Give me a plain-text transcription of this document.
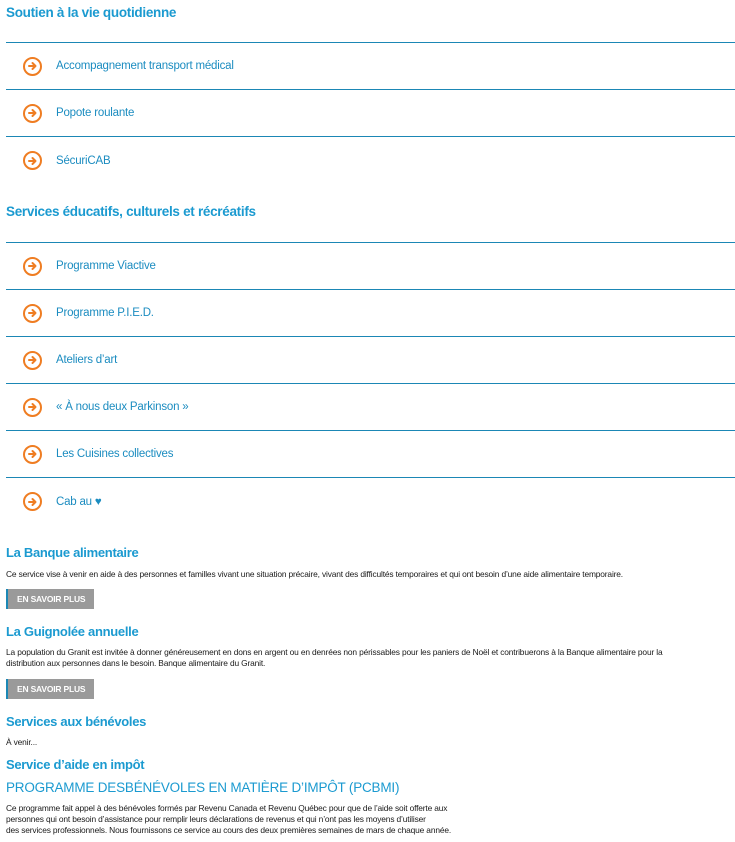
Soutien à la vie quotidienne
Accompagnement transport médical
Popote roulante
SécuriCAB
Services éducatifs, culturels et récréatifs
Programme Viactive
Programme P.I.E.D.
Ateliers d’art
« À nous deux Parkinson »
Les Cuisines collectives
Cab au ♥
La Banque alimentaire
Ce service vise à venir en aide à des personnes et familles vivant une situation précaire, vivant des difficultés temporaires et qui ont besoin d’une aide alimentaire temporaire.
EN SAVOIR PLUS
La Guignolée annuelle
La population du Granit est invitée à donner généreusement en dons en argent ou en denrées non périssables pour les paniers de Noël et contribuerons à la Banque alimentaire pour la
distribution aux personnes dans le besoin. Banque alimentaire du Granit.
EN SAVOIR PLUS
Services aux bénévoles
À venir...
Service d’aide en impôt
PROGRAMME DESBÉNÉVOLES EN MATIÈRE D’IMPÔT (PCBMI)
Ce programme fait appel à des bénévoles formés par Revenu Canada et Revenu Québec pour que de l’aide soit offerte aux
personnes qui ont besoin d’assistance pour remplir leurs déclarations de revenus et qui n’ont pas les moyens d’utiliser
des services professionnels. Nous fournissons ce service au cours des deux premières semaines de mars de chaque année.
